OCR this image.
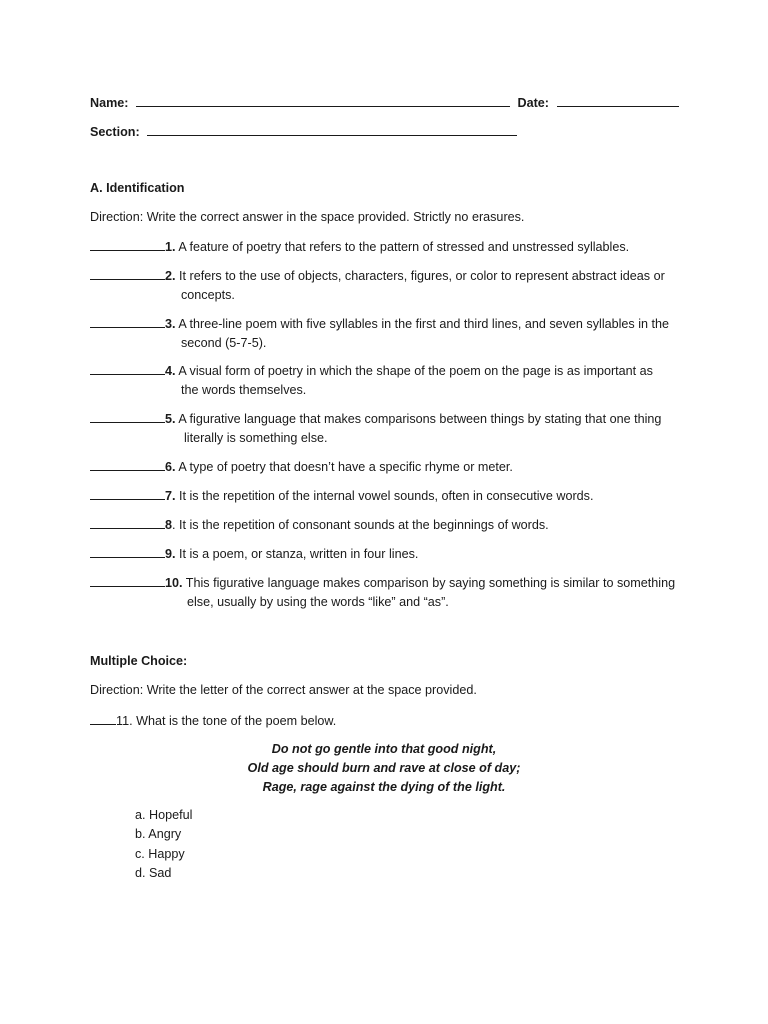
Name:	Date:
Section:
A. Identification
Direction: Write the correct answer in the space provided. Strictly no erasures.
1. A feature of poetry that refers to the pattern of stressed and unstressed syllables.
2. It refers to the use of objects, characters, figures, or color to represent abstract ideas or
concepts.
3. A three-line poem with five syllables in the first and third lines, and seven syllables in the
second (5-7-5).
4. A visual form of poetry in which the shape of the poem on the page is as important as
the words themselves.
5. A figurative language that makes comparisons between things by stating that one thing
literally is something else.
6. A type of poetry that doesn’t have a specific rhyme or meter.
7. It is the repetition of the internal vowel sounds, often in consecutive words.
8. It is the repetition of consonant sounds at the beginnings of words.
9. It is a poem, or stanza, written in four lines.
10. This figurative language makes comparison by saying something is similar to something
else, usually by using the words “like” and “as”.
Multiple Choice:
Direction: Write the letter of the correct answer at the space provided.
11. What is the tone of the poem below.
Do not go gentle into that good night,
Old age should burn and rave at close of day;
Rage, rage against the dying of the light.
a. Hopeful
b. Angry
c. Happy
d. Sad
